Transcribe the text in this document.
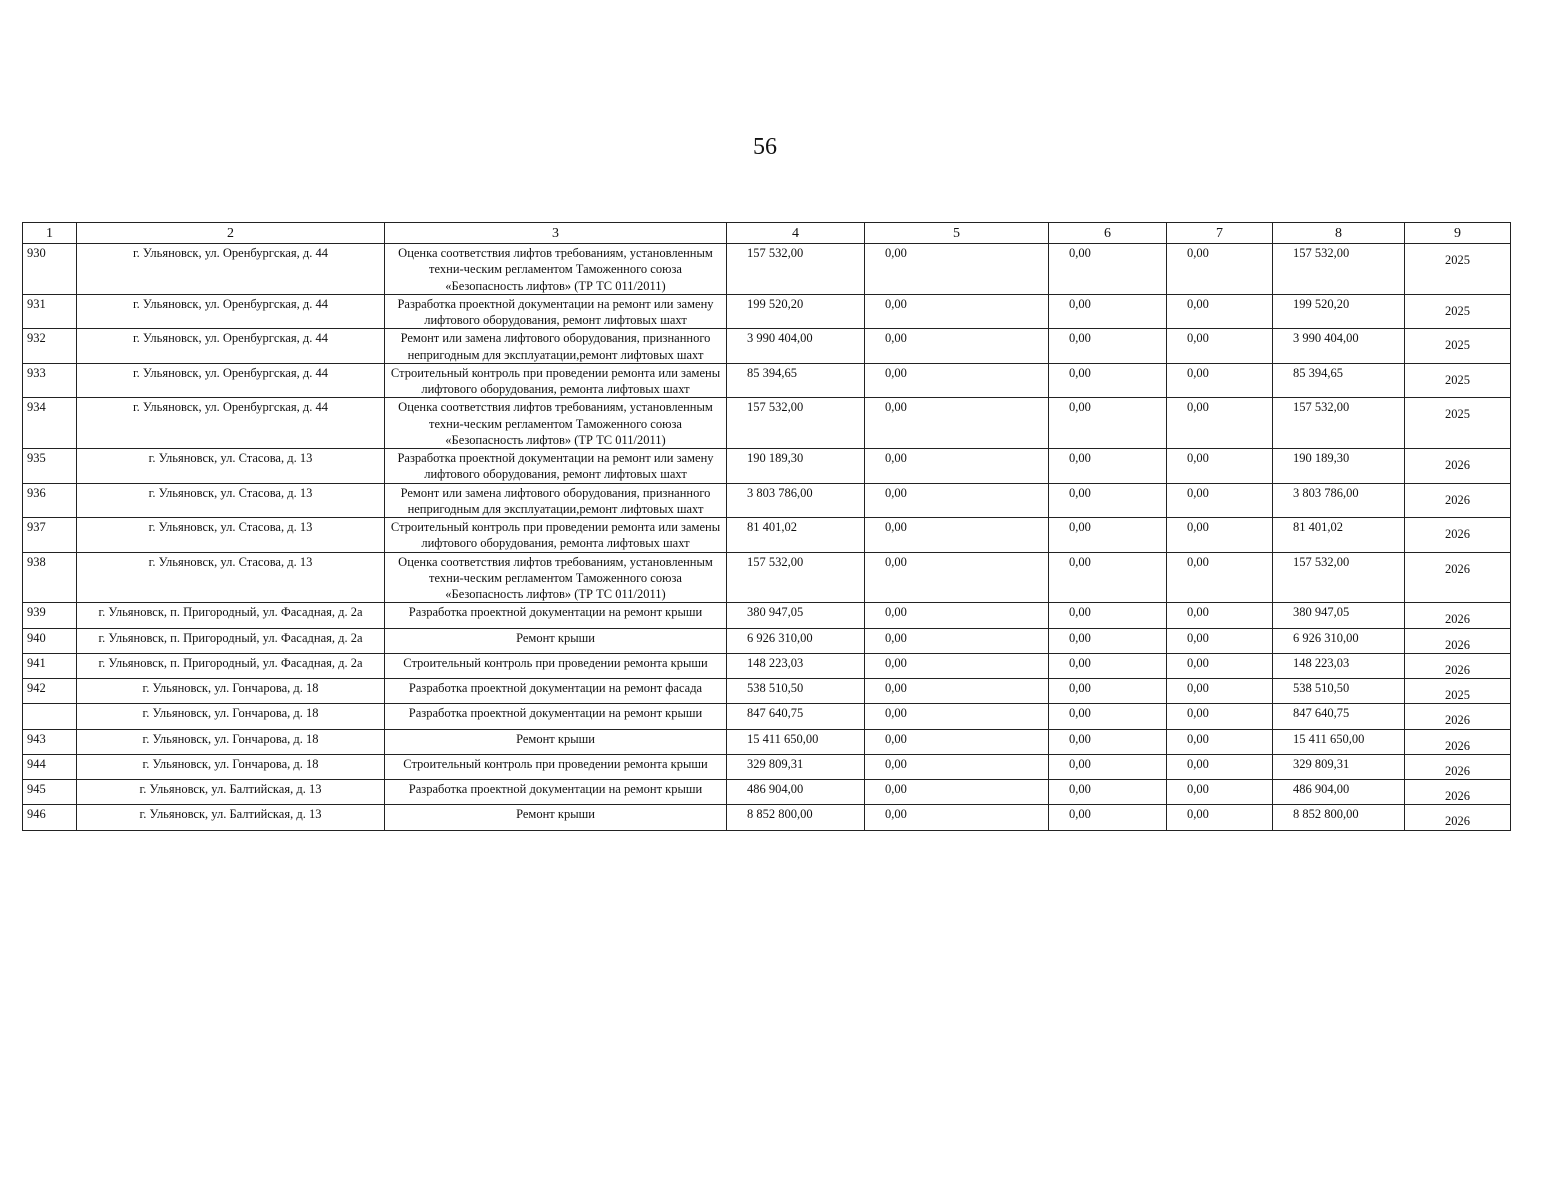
56
1	2	3	4	5	6	7	8	9
930	г. Ульяновск, ул. Оренбургская, д. 44	Оценка соответствия лифтов требованиям, установленным техни-ческим регламентом Таможенного союза «Безопасность лифтов» (ТР ТС 011/2011)	157 532,00	0,00	0,00	0,00	157 532,00	2025
931	г. Ульяновск, ул. Оренбургская, д. 44	Разработка проектной документации на ремонт или замену лифтового оборудования, ремонт лифтовых шахт	199 520,20	0,00	0,00	0,00	199 520,20	2025
932	г. Ульяновск, ул. Оренбургская, д. 44	Ремонт или замена лифтового оборудования, признанного непригодным для эксплуатации,ремонт лифтовых шахт	3 990 404,00	0,00	0,00	0,00	3 990 404,00	2025
933	г. Ульяновск, ул. Оренбургская, д. 44	Строительный контроль при проведении ремонта или замены лифтового оборудования, ремонта лифтовых шахт	85 394,65	0,00	0,00	0,00	85 394,65	2025
934	г. Ульяновск, ул. Оренбургская, д. 44	Оценка соответствия лифтов требованиям, установленным техни-ческим регламентом Таможенного союза «Безопасность лифтов» (ТР ТС 011/2011)	157 532,00	0,00	0,00	0,00	157 532,00	2025
935	г. Ульяновск, ул. Стасова, д. 13	Разработка проектной документации на ремонт или замену лифтового оборудования, ремонт лифтовых шахт	190 189,30	0,00	0,00	0,00	190 189,30	2026
936	г. Ульяновск, ул. Стасова, д. 13	Ремонт или замена лифтового оборудования, признанного непригодным для эксплуатации,ремонт лифтовых шахт	3 803 786,00	0,00	0,00	0,00	3 803 786,00	2026
937	г. Ульяновск, ул. Стасова, д. 13	Строительный контроль при проведении ремонта или замены лифтового оборудования, ремонта лифтовых шахт	81 401,02	0,00	0,00	0,00	81 401,02	2026
938	г. Ульяновск, ул. Стасова, д. 13	Оценка соответствия лифтов требованиям, установленным техни-ческим регламентом Таможенного союза «Безопасность лифтов» (ТР ТС 011/2011)	157 532,00	0,00	0,00	0,00	157 532,00	2026
939	г. Ульяновск, п. Пригородный, ул. Фасадная, д. 2а	Разработка проектной документации на ремонт крыши	380 947,05	0,00	0,00	0,00	380 947,05	2026
940	г. Ульяновск, п. Пригородный, ул. Фасадная, д. 2а	Ремонт крыши	6 926 310,00	0,00	0,00	0,00	6 926 310,00	2026
941	г. Ульяновск, п. Пригородный, ул. Фасадная, д. 2а	Строительный контроль при проведении ремонта крыши	148 223,03	0,00	0,00	0,00	148 223,03	2026
942	г. Ульяновск, ул. Гончарова, д. 18	Разработка проектной документации на ремонт фасада	538 510,50	0,00	0,00	0,00	538 510,50	2025
	г. Ульяновск, ул. Гончарова, д. 18	Разработка проектной документации на ремонт крыши	847 640,75	0,00	0,00	0,00	847 640,75	2026
943	г. Ульяновск, ул. Гончарова, д. 18	Ремонт крыши	15 411 650,00	0,00	0,00	0,00	15 411 650,00	2026
944	г. Ульяновск, ул. Гончарова, д. 18	Строительный контроль при проведении ремонта крыши	329 809,31	0,00	0,00	0,00	329 809,31	2026
945	г. Ульяновск, ул. Балтийская, д. 13	Разработка проектной документации на ремонт крыши	486 904,00	0,00	0,00	0,00	486 904,00	2026
946	г. Ульяновск, ул. Балтийская, д. 13	Ремонт крыши	8 852 800,00	0,00	0,00	0,00	8 852 800,00	2026
